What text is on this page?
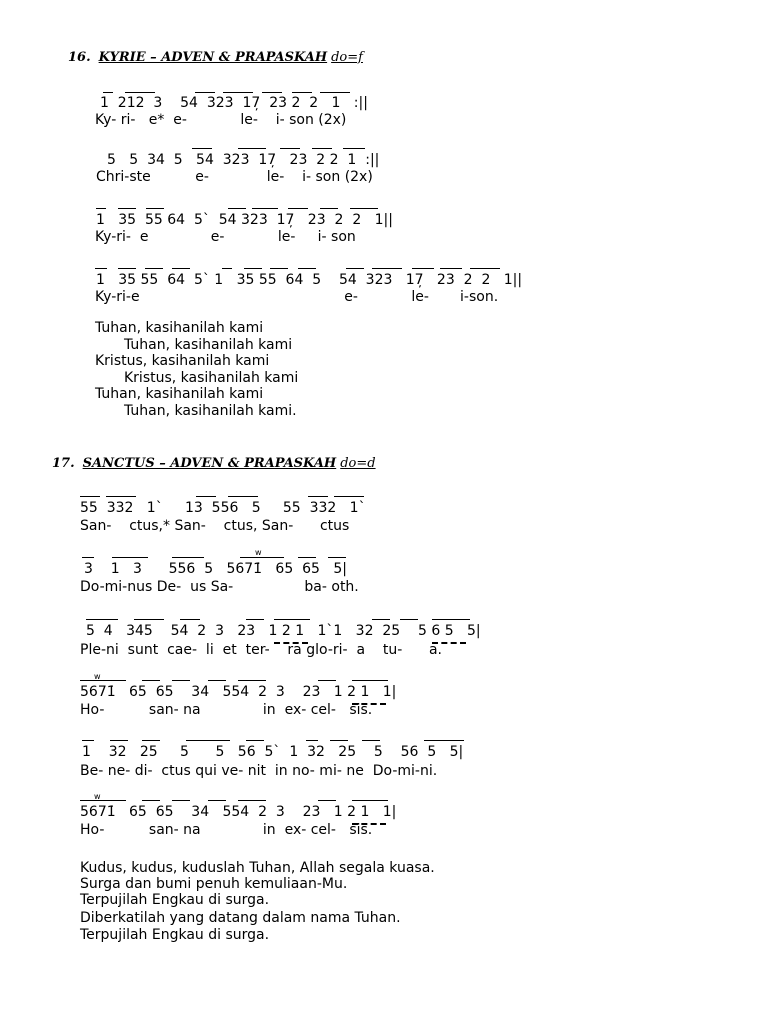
16. KYRIE – ADVEN & PRAPASKAH do=f
1  212  3    54  323  17̦  23 2  2   1   :||
Ky- ri-   e*  e-            le-    i- son (2x)
5   5  34  5   54  323  17̦   23  2 2  1  :||
Chri-ste          e-             le-    i- son (2x)
1   35  55 64  5`  54 323  17̦   23  2  2   1||
Ky-ri-  e              e-            le-     i- son
1   35 55  64  5` 1   35 55  64  5    54  323   17̦   23  2  2   1||
Ky-ri-e                                              e-            le-       i-son.
Tuhan, kasihanilah kami
Tuhan, kasihanilah kami
Kristus, kasihanilah kami
Kristus, kasihanilah kami
Tuhan, kasihanilah kami
Tuhan, kasihanilah kami.
17. SANCTUS – ADVEN & PRAPASKAH do=d
55  332   1`     13  556   5     55  332   1`
San-    ctus,* San-    ctus, San-      ctus
w
3    1   3      556  5   5671̇   65  65   5|
Do-mi-nus De-  us Sa-                ba- oth.
5  4   345    54  2  3   23   1 2 1   1`1   32  25    5 6 5   5|
Ple-ni  sunt  cae-  li  et  ter-    ra glo-ri-  a    tu-      a.
w
5671̇   65  65    34   554  2  3    23   1 2 1   1|
Ho-          san- na              in  ex- cel-   sis.
1    32   25     5      5   56  5`  1  32   25    5    56  5   5|
Be- ne- di-  ctus qui ve- nit  in no- mi- ne  Do-mi-ni.
w
5671̇   65  65    34   554  2  3    23   1 2 1   1|
Ho-          san- na              in  ex- cel-   sis.
Kudus, kudus, kuduslah Tuhan, Allah segala kuasa.
Surga dan bumi penuh kemuliaan-Mu.
Terpujilah Engkau di surga.
Diberkatilah yang datang dalam nama Tuhan.
Terpujilah Engkau di surga.
